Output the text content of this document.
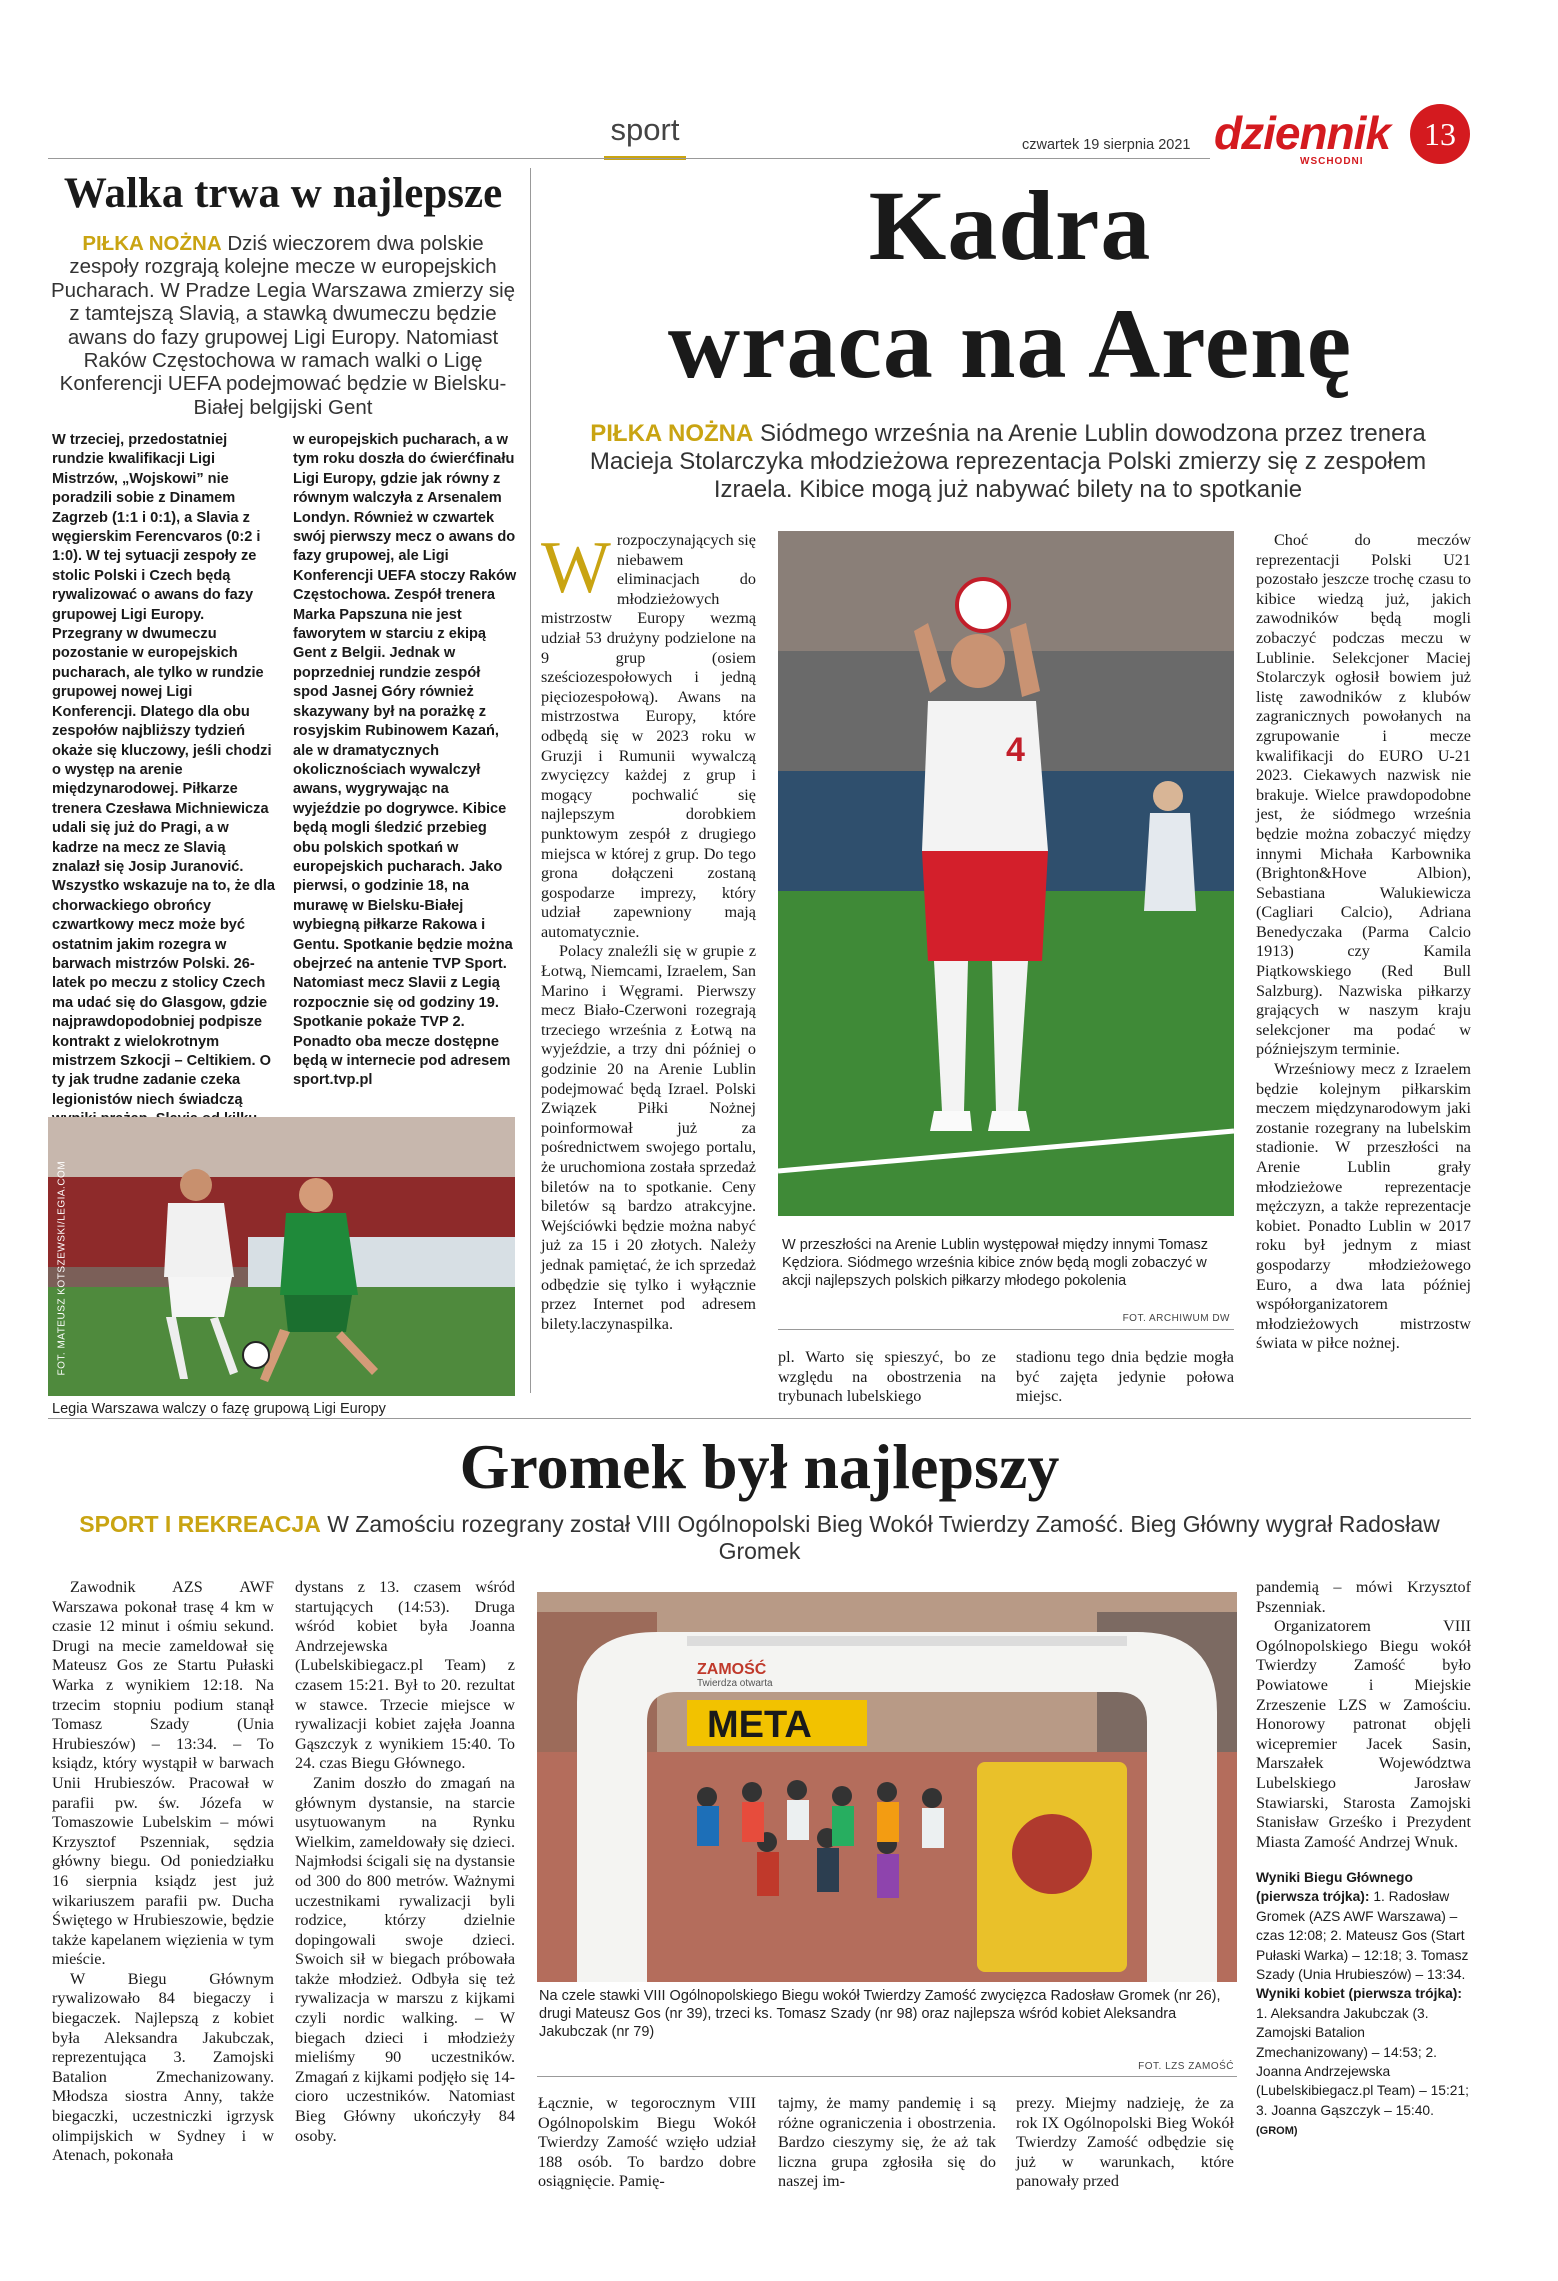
sport	czwartek 19 sierpnia 2021 dziennik
WSCHODNI
13
Walka trwa w najlepsze
PIŁKA NOŻNA Dziś wieczorem dwa polskie zespoły rozgrają kolejne mecze w europejskich Pucharach. W Pradze Legia Warszawa zmierzy się z tamtejszą Slavią, a stawką dwumeczu będzie awans do fazy grupowej Ligi Europy. Natomiast Raków Częstochowa w ramach walki o Ligę Konferencji UEFA podejmować będzie w Bielsku-Białej belgijski Gent

W trzeciej, przedostatniej rundzie kwalifikacji Ligi Mistrzów, „Wojskowi” nie poradzili sobie z Dinamem Zagrzeb (1:1 i 0:1), a Slavia z węgierskim Ferencvaros (0:2 i 1:0). W tej sytuacji zespoły ze stolic Polski i Czech będą rywalizować o awans do fazy grupowej Ligi Europy. Przegrany w dwumeczu pozostanie w europejskich pucharach, ale tylko w rundzie grupowej nowej Ligi Konferencji. Dlatego dla obu zespołów najbliższy tydzień okaże się kluczowy, jeśli chodzi o występ na arenie międzynarodowej. Piłkarze trenera Czesława Michniewicza udali się już do Pragi, a w kadrze na mecz ze Slavią znalazł się Josip Juranović. Wszystko wskazuje na to, że dla chorwackiego obrońcy czwartkowy mecz może być ostatnim jakim rozegra w barwach mistrzów Polski. 26-latek po meczu z stolicy Czech ma udać się do Glasgow, gdzie najprawdopodobniej podpisze kontrakt z wielokrotnym mistrzem Szkocji – Celtikiem. O ty jak trudne zadanie czeka legionistów niech świadczą

w europejskich pucharach, a w tym roku doszła do ćwierćfinału Ligi Europy, gdzie jak równy z równym walczyła z Arsenalem Londyn. Również w czwartek swój pierwszy mecz o awans do fazy grupowej, ale Ligi Konferencji UEFA stoczy Raków Częstochowa. Zespół trenera Marka Papszuna nie jest faworytem w starciu z ekipą Gent z Belgii. Jednak w poprzedniej rundzie zespół spod Jasnej Góry również skazywany był na porażkę z rosyjskim Rubinowem Kazań, ale w dramatycznych okolicznościach wywalczył awans, wygrywając na wyjeździe po dogrywce. Kibice będą mogli śledzić przebieg obu polskich spotkań w europejskich pucharach. Jako pierwsi, o godzinie 18, na murawę w Bielsku-Białej wybiegną piłkarze Rakowa i Gentu. Spotkanie będzie można obejrzeć na antenie TVP Sport. Natomiast mecz Slavii z Legią rozpocznie się od godziny 19. Spotkanie pokaże TVP 2. Ponadto oba mecze dostępne będą w internecie pod adresem sport.tvp.pl

FOT. MATEUSZ KOTSZEWSKI/LEGIA.COM
Legia Warszawa walczy o fazę grupową Ligi Europy
Kadra
wraca na Arenę
PIŁKA NOŻNA Siódmego września na Arenie Lublin dowodzona przez trenera Macieja Stolarczyka młodzieżowa reprezentacja Polski zmierzy się z zespołem Izraela. Kibice mogą już nabywać bilety na to spotkanie
W rozpoczynających się niebawem eliminacjach do młodzieżowych mistrzostw Europy wezmą udział 53 drużyny podzielone na 9 grup (osiem sześciozespołowych i jedną pięciozespołową). Awans na mistrzostwa Europy, które odbędą się w 2023 roku w Gruzji i Rumunii wywalczą zwycięzcy każdej z grup i mogący pochwalić się najlepszym dorobkiem punktowym zespół z drugiego miejsca w której z grup. Do tego grona dołączeni zostaną gospodarze imprezy, który udział zapewniony mają automatycznie.

Polacy znaleźli się w grupie z Łotwą, Niemcami, Izraelem, San Marino i Węgrami. Pierwszy mecz Biało-Czerwoni rozegrają trzeciego września z Łotwą na wyjeździe, a trzy dni później o godzinie 20 na Arenie Lublin podejmować będą Izrael. Polski Związek Piłki Nożnej poinformował już za pośrednictwem swojego portalu, że uruchomiona została sprzedaż biletów na to spotkanie. Ceny biletów są bardzo atrakcyjne. Wejściówki będzie można nabyć już za 15 i 20 złotych. Należy jednak pamiętać, że ich sprzedaż odbędzie się tylko i wyłącznie przez Internet pod adresem bilety.laczynaspilka.

4
W przeszłości na Arenie Lublin występował między innymi Tomasz Kędziora. Siódmego września kibice znów będą mogli zobaczyć w akcji najlepszych polskich piłkarzy młodego pokolenia
FOT. ARCHIWUM DW

pl. Warto się spieszyć, bo ze względu na obostrzenia na trybunach lubelskiego

stadionu tego dnia będzie mogła być zajęta jedynie połowa miejsc.

Choć do meczów reprezentacji Polski U21 pozostało jeszcze trochę czasu to kibice wiedzą już, jakich zawodników będą mogli zobaczyć podczas meczu w Lublinie. Selekcjoner Maciej Stolarczyk ogłosił bowiem już listę zawodników z klubów zagranicznych powołanych na zgrupowanie i mecze kwalifikacji do EURO U-21 2023. Ciekawych nazwisk nie brakuje. Wielce prawdopodobne jest, że siódmego września będzie można zobaczyć między innymi Michała Karbownika (Brighton&Hove Albion), Sebastiana Walukiewicza (Cagliari Calcio), Adriana Benedyczaka (Parma Calcio 1913) czy Kamila Piątkowskiego (Red Bull Salzburg). Nazwiska piłkarzy grających w naszym kraju selekcjoner ma podać w późniejszym terminie.

Wrześniowy mecz z Izraelem będzie kolejnym piłkarskim meczem międzynarodowym jaki zostanie rozegrany na lubelskim stadionie. W przeszłości na Arenie Lublin grały młodzieżowe reprezentacje mężczyzn, a także reprezentacje kobiet. Ponadto Lublin w 2017 roku był jednym z miast gospodarzy młodzieżowego Euro, a dwa lata później współorganizatorem młodzieżowych mistrzostw świata w piłce nożnej.

Gromek był najlepszy
SPORT I REKREACJA W Zamościu rozegrany został VIII Ogólnopolski Bieg Wokół Twierdzy Zamość. Bieg Główny wygrał Radosław Gromek

Zawodnik AZS AWF Warszawa pokonał trasę 4 km w czasie 12 minut i ośmiu sekund. Drugi na mecie zameldował się Mateusz Gos ze Startu Pułaski Warka z wynikiem 12:18. Na trzecim stopniu podium stanął Tomasz Szady (Unia Hrubieszów) – 13:34. – To ksiądz, który wystąpił w barwach Unii Hrubieszów. Pracował w parafii pw. św. Józefa w Tomaszowie Lubelskim – mówi Krzysztof Pszenniak, sędzia główny biegu. Od poniedziałku 16 sierpnia ksiądz jest już wikariuszem parafii pw. Ducha Świętego w Hrubieszowie, będzie także kapelanem więzienia w tym mieście.

W Biegu Głównym rywalizowało 84 biegaczy i biegaczek. Najlepszą z kobiet była Aleksandra Jakubczak, reprezentująca 3. Zamojski Batalion Zmechanizowany. Młodsza siostra Anny, także biegaczki, uczestniczki igrzysk olimpijskich w Sydney i w Atenach, pokonała

dystans z 13. czasem wśród startujących (14:53). Druga wśród kobiet była Joanna Andrzejewska (Lubelskibiegacz.pl Team) z czasem 15:21. Był to 20. rezultat w stawce. Trzecie miejsce w rywalizacji kobiet zajęła Joanna Gąszczyk z wynikiem 15:40. To 24. czas Biegu Głównego.

Zanim doszło do zmagań na głównym dystansie, na starcie usytuowanym na Rynku Wielkim, zameldowały się dzieci. Najmłodsi ścigali się na dystansie od 300 do 800 metrów. Ważnymi uczestnikami rywalizacji byli rodzice, którzy dzielnie dopingowali swoje dzieci. Swoich sił w biegach próbowała także młodzież. Odbyła się też rywalizacja w marszu z kijkami czyli nordic walking. – W biegach dzieci i młodzieży mieliśmy 90 uczestników. Zmagań z kijkami podjęło się 14-cioro uczestników. Natomiast Bieg Główny ukończyły 84 osoby.

ZAMOŚĆ
Twierdza otwarta
META
Na czele stawki VIII Ogólnopolskiego Biegu wokół Twierdzy Zamość zwycięzca Radosław Gromek (nr 26), drugi Mateusz Gos (nr 39), trzeci ks. Tomasz Szady (nr 98) oraz najlepsza wśród kobiet Aleksandra Jakubczak (nr 79)
FOT. LZS ZAMOŚĆ

Łącznie, w tegorocznym VIII Ogólnopolskim Biegu Wokół Twierdzy Zamość wzięło udział 188 osób. To bardzo dobre osiągnięcie. Pamię-

tajmy, że mamy pandemię i są różne ograniczenia i obostrzenia. Bardzo cieszymy się, że aż tak liczna grupa zgłosiła się do naszej im-

prezy. Miejmy nadzieję, że za rok IX Ogólnopolski Bieg Wokół Twierdzy Zamość odbędzie się już w warunkach, które panowały przed

pandemią – mówi Krzysztof Pszenniak.

Organizatorem VIII Ogólnopolskiego Biegu wokół Twierdzy Zamość było Powiatowe i Miejskie Zrzeszenie LZS w Zamościu. Honorowy patronat objęli wicepremier Jacek Sasin, Marszałek Województwa Lubelskiego Jarosław Stawiarski, Starosta Zamojski Stanisław Grześko i Prezydent Miasta Zamość Andrzej Wnuk.

Wyniki Biegu Głównego (pierwsza trójka): 1. Radosław Gromek (AZS AWF Warszawa) – czas 12:08; 2. Mateusz Gos (Start Pułaski Warka) – 12:18; 3. Tomasz Szady (Unia Hrubieszów) – 13:34.

Wyniki kobiet (pierwsza trójka): 1. Aleksandra Jakubczak (3. Zamojski Batalion Zmechanizowany) – 14:53; 2. Joanna Andrzejewska (Lubelskibiegacz.pl Team) – 15:21; 3. Joanna Gąszczyk – 15:40. (GROM)
